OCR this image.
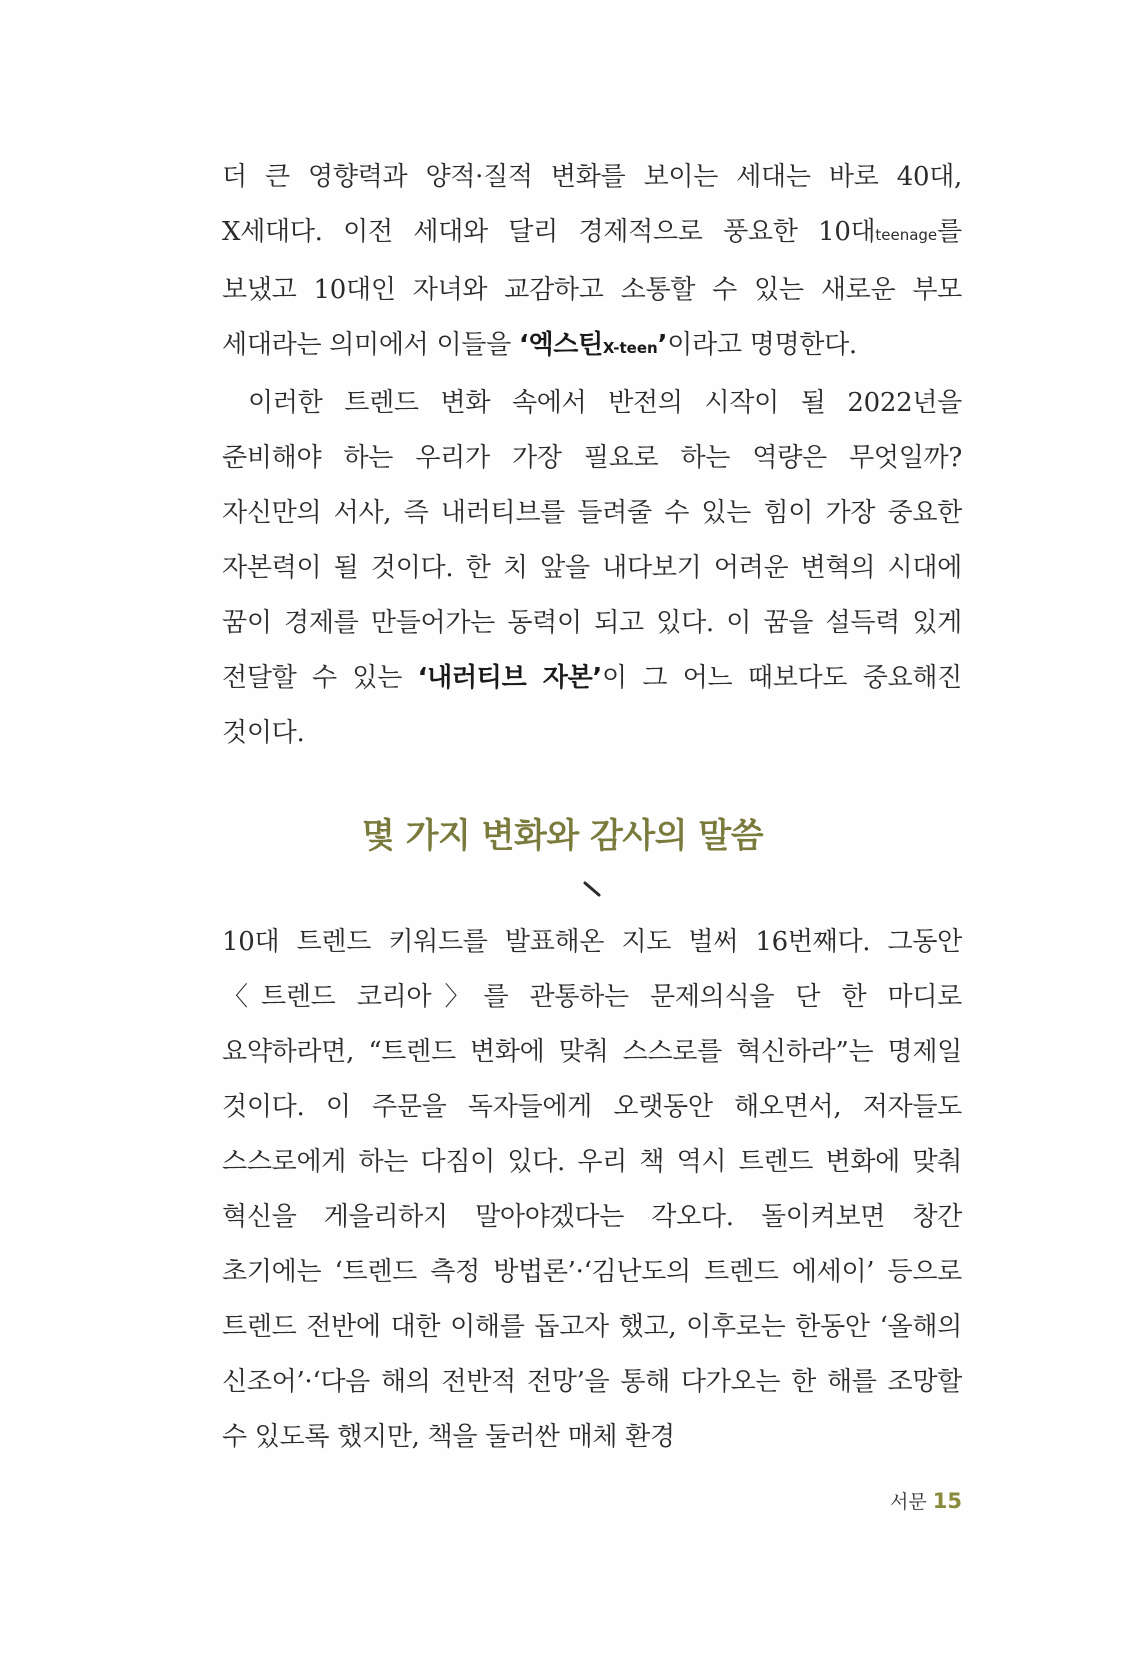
더 큰 영향력과 양적·질적 변화를 보이는 세대는 바로 40대, X세대다. 이전 세대와 달리 경제적으로 풍요한 10대teenage를 보냈고 10대인 자녀와 교감하고 소통할 수 있는 새로운 부모 세대라는 의미에서 이들을 ‘엑스틴X-teen’이라고 명명한다.

이러한 트렌드 변화 속에서 반전의 시작이 될 2022년을 준비해야 하는 우리가 가장 필요로 하는 역량은 무엇일까? 자신만의 서사, 즉 내러티브를 들려줄 수 있는 힘이 가장 중요한 자본력이 될 것이다. 한 치 앞을 내다보기 어려운 변혁의 시대에 꿈이 경제를 만들어가는 동력이 되고 있다. 이 꿈을 설득력 있게 전달할 수 있는 ‘내러티브 자본’이 그 어느 때보다도 중요해진 것이다.

몇 가지 변화와 감사의 말씀

10대 트렌드 키워드를 발표해온 지도 벌써 16번째다. 그동안 〈트렌드 코리아〉를 관통하는 문제의식을 단 한 마디로 요약하라면, “트렌드 변화에 맞춰 스스로를 혁신하라”는 명제일 것이다. 이 주문을 독자들에게 오랫동안 해오면서, 저자들도 스스로에게 하는 다짐이 있다. 우리 책 역시 트렌드 변화에 맞춰 혁신을 게을리하지 말아야겠다는 각오다. 돌이켜보면 창간 초기에는 ‘트렌드 측정 방법론’·‘김난도의 트렌드 에세이’ 등으로 트렌드 전반에 대한 이해를 돕고자 했고, 이후로는 한동안 ‘올해의 신조어’·‘다음 해의 전반적 전망’을 통해 다가오는 한 해를 조망할 수 있도록 했지만, 책을 둘러싼 매체 환경

서문 15
